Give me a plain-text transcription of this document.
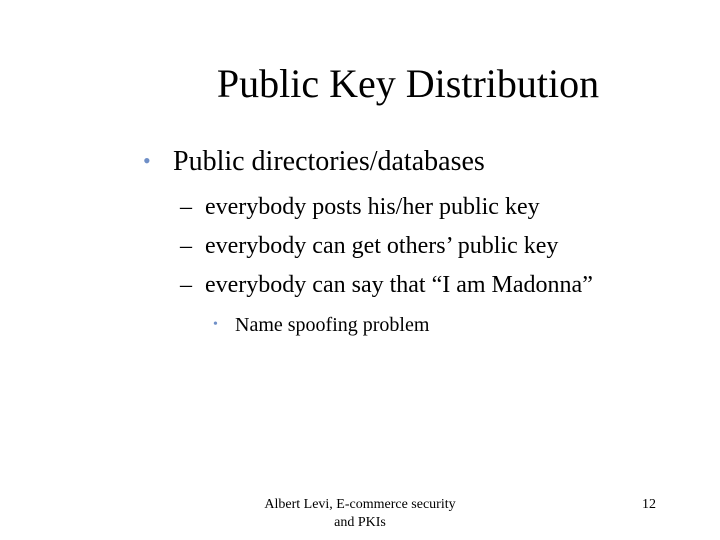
Public Key Distribution
• Public directories/databases
– everybody posts his/her public key
– everybody can get others’ public key
– everybody can say that “I am Madonna”
• Name spoofing problem
Albert Levi, E-commerce security
and PKIs
12
